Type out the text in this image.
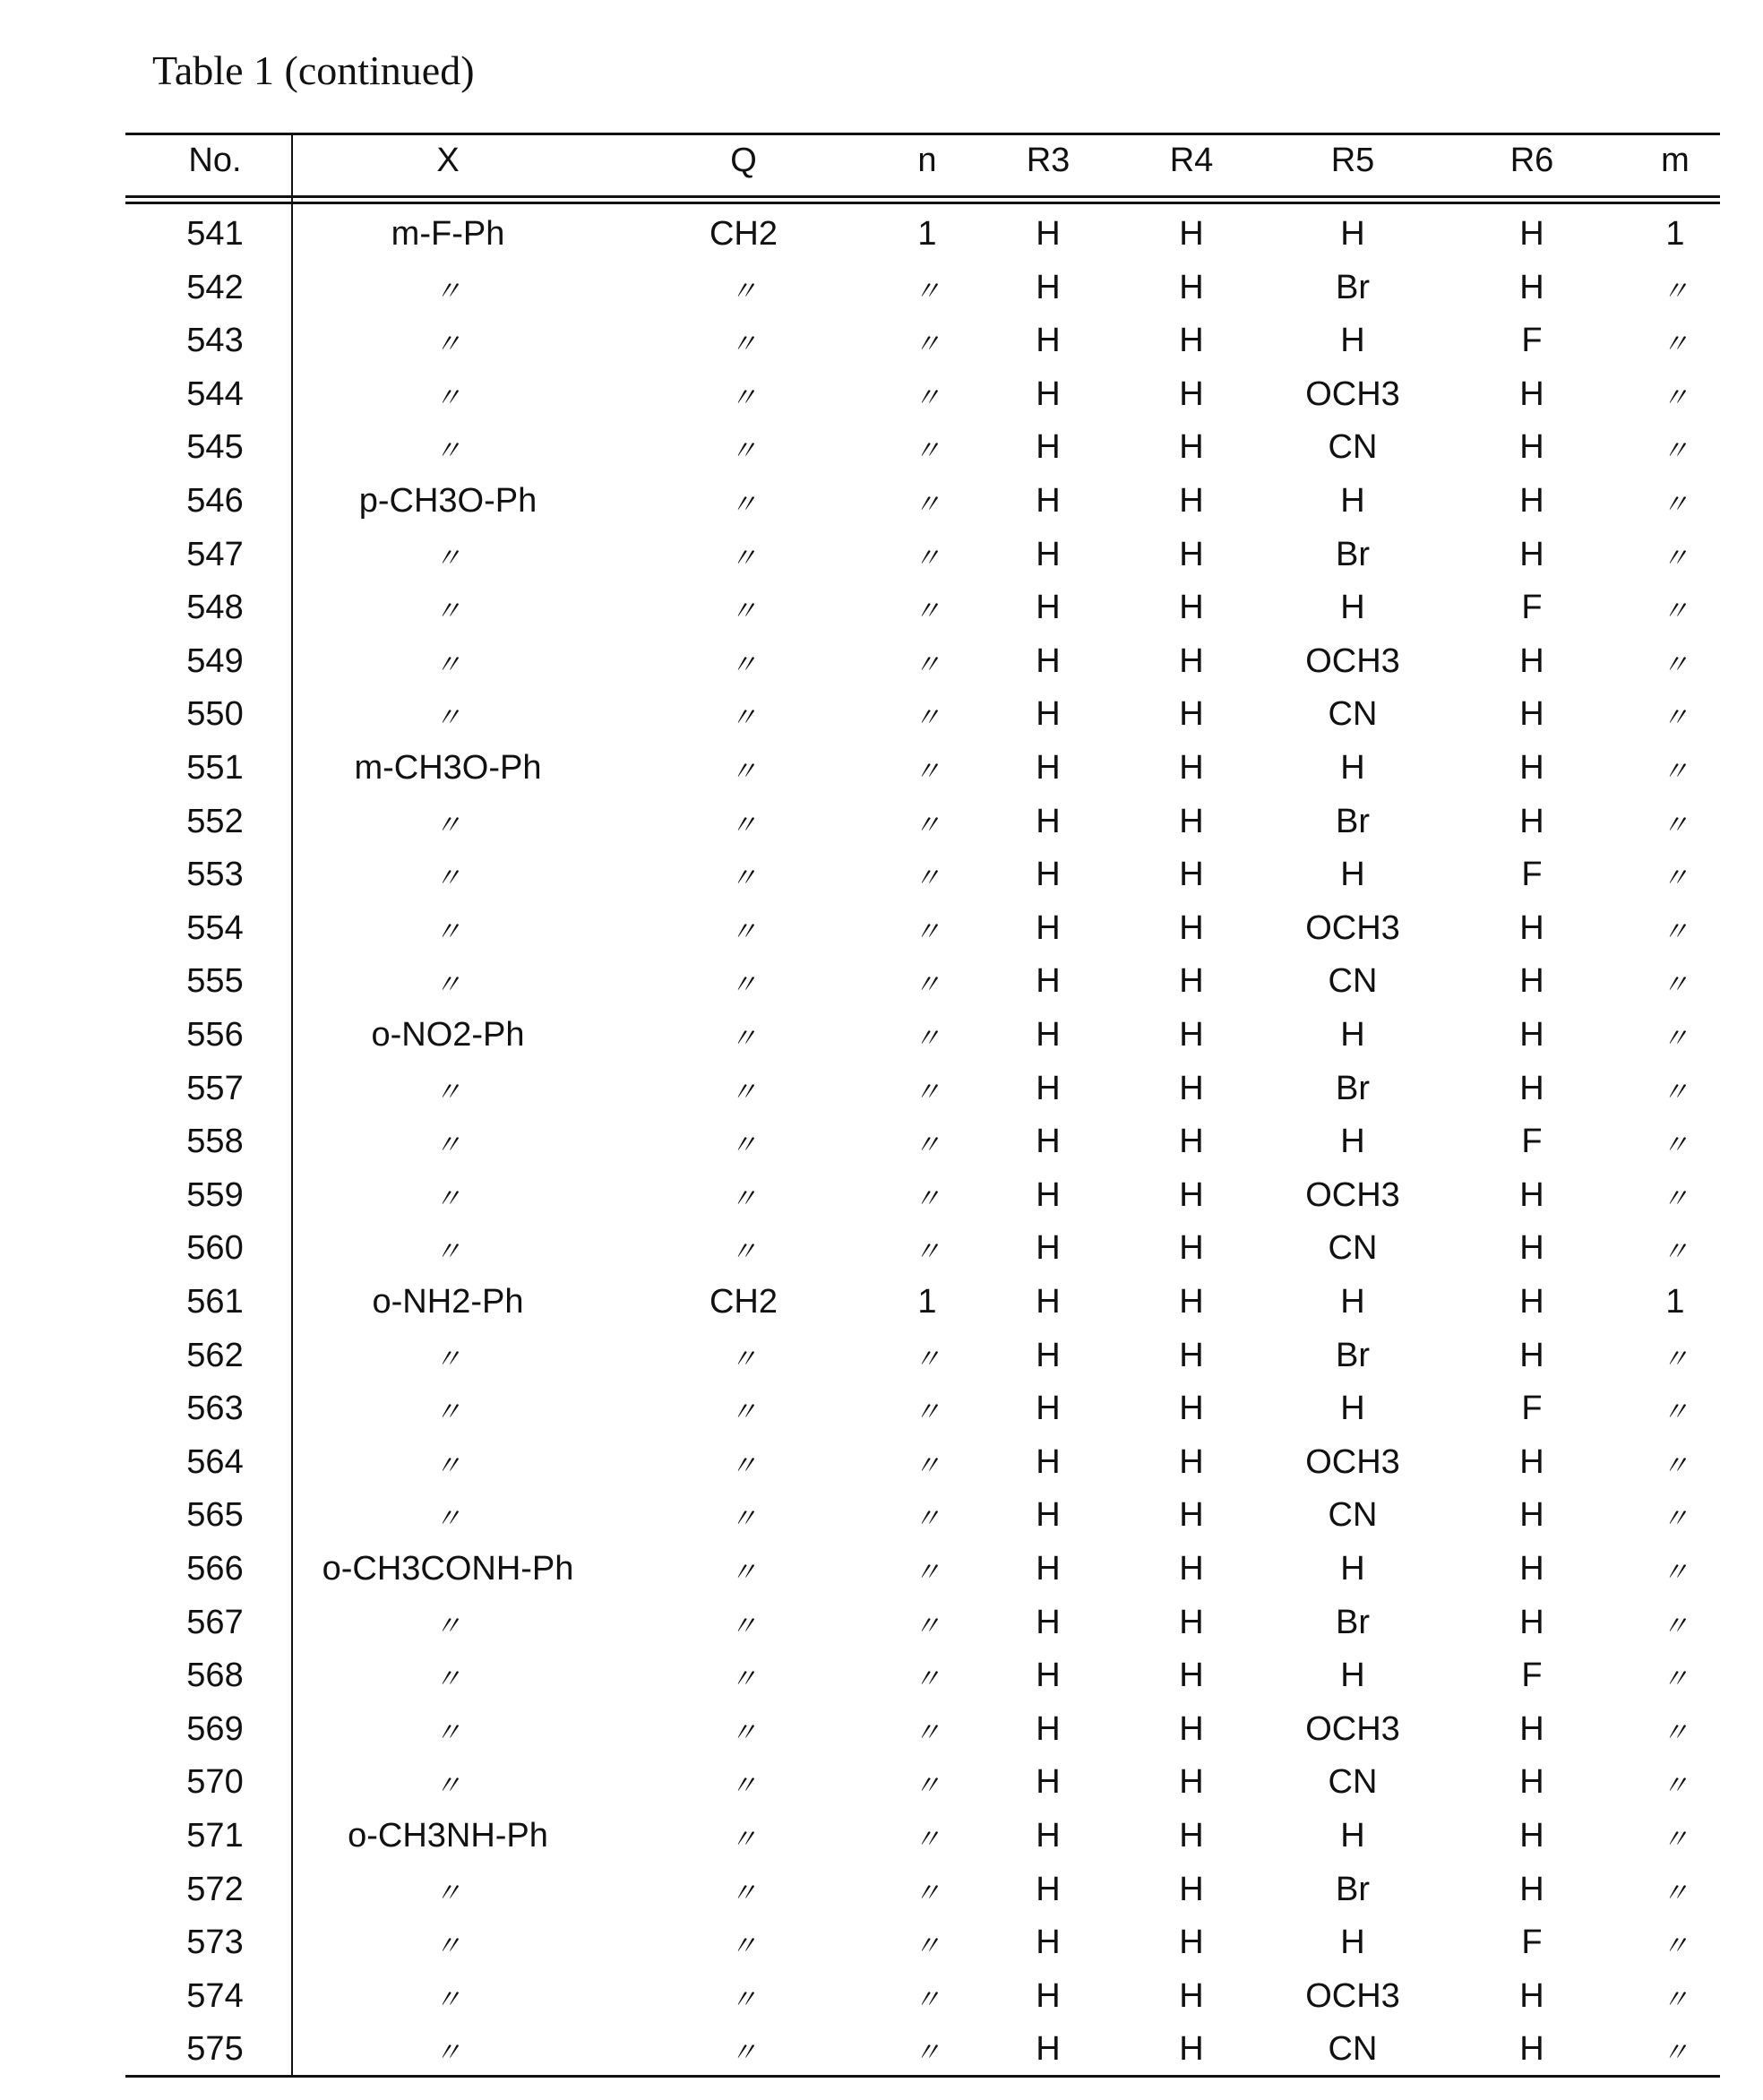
Table 1 (continued)
No.	X	Q	n	R3	R4	R5	R6	m
541	m-F-Ph	CH2	1	H	H	H	H	1
542	〃	〃	〃	H	H	Br	H	〃
543	〃	〃	〃	H	H	H	F	〃
544	〃	〃	〃	H	H	OCH3	H	〃
545	〃	〃	〃	H	H	CN	H	〃
546	p-CH3O-Ph	〃	〃	H	H	H	H	〃
547	〃	〃	〃	H	H	Br	H	〃
548	〃	〃	〃	H	H	H	F	〃
549	〃	〃	〃	H	H	OCH3	H	〃
550	〃	〃	〃	H	H	CN	H	〃
551	m-CH3O-Ph	〃	〃	H	H	H	H	〃
552	〃	〃	〃	H	H	Br	H	〃
553	〃	〃	〃	H	H	H	F	〃
554	〃	〃	〃	H	H	OCH3	H	〃
555	〃	〃	〃	H	H	CN	H	〃
556	o-NO2-Ph	〃	〃	H	H	H	H	〃
557	〃	〃	〃	H	H	Br	H	〃
558	〃	〃	〃	H	H	H	F	〃
559	〃	〃	〃	H	H	OCH3	H	〃
560	〃	〃	〃	H	H	CN	H	〃
561	o-NH2-Ph	CH2	1	H	H	H	H	1
562	〃	〃	〃	H	H	Br	H	〃
563	〃	〃	〃	H	H	H	F	〃
564	〃	〃	〃	H	H	OCH3	H	〃
565	〃	〃	〃	H	H	CN	H	〃
566 o-CH3CONH-Ph	〃	〃	H	H	H	H	〃
567	〃	〃	〃	H	H	Br	H	〃
568	〃	〃	〃	H	H	H	F	〃
569	〃	〃	〃	H	H	OCH3	H	〃
570	〃	〃	〃	H	H	CN	H	〃
571	o-CH3NH-Ph	〃	〃	H	H	H	H	〃
572	〃	〃	〃	H	H	Br	H	〃
573	〃	〃	〃	H	H	H	F	〃
574	〃	〃	〃	H	H	OCH3	H	〃
575	〃	〃	〃	H	H	CN	H	〃
